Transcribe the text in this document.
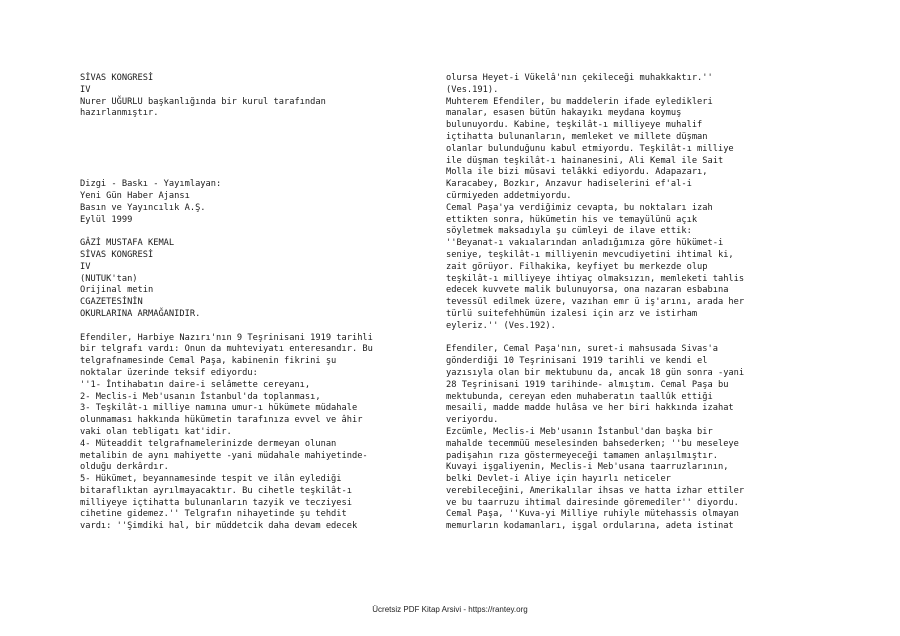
SİVAS KONGRESİ
IV
Nurer UĞURLU başkanlığında bir kurul tarafından
hazırlanmıştır.
Dizgi - Baskı - Yayımlayan:
Yeni Gün Haber Ajansı
Basın ve Yayıncılık A.Ş.
Eylül 1999
GÂZİ MUSTAFA KEMAL
SİVAS KONGRESİ
IV
(NUTUK'tan)
Orijinal metin
CGAZETESİNİN
OKURLARINA ARMAĞANIDIR.
Efendiler, Harbiye Nazırı'nın 9 Teşrinisani 1919 tarihli
bir telgrafı vardı: Onun da muhteviyatı enteresandır. Bu
telgrafnamesinde Cemal Paşa, kabinenin fikrini şu
noktalar üzerinde teksif ediyordu:
''1- İntihabatın daire-i selâmette cereyanı,
2- Meclis-i Meb'usanın İstanbul'da toplanması,
3- Teşkilât-ı milliye namına umur-ı hükümete müdahale
olunmaması hakkında hükümetin tarafınıza evvel ve âhir
vaki olan tebligatı kat'idir.
4- Müteaddit telgrafnamelerinizde dermeyan olunan
metalibin de aynı mahiyette -yani müdahale mahiyetinde-
olduğu derkârdır.
5- Hükümet, beyannamesinde tespit ve ilân eylediği
bitaraflıktan ayrılmayacaktır. Bu cihetle teşkilât-ı
milliyeye içtihatta bulunanların tazyik ve tecziyesi
cihetine gidemez.'' Telgrafın nihayetinde şu tehdit
vardı: ''Şimdiki hal, bir müddetcik daha devam edecek
olursa Heyet-i Vükelâ'nın çekileceği muhakkaktır.''
(Ves.191).
Muhterem Efendiler, bu maddelerin ifade eyledikleri
manalar, esasen bütün hakayıkı meydana koymuş
bulunuyordu. Kabine, teşkilât-ı milliyeye muhalif
içtihatta bulunanların, memleket ve millete düşman
olanlar bulunduğunu kabul etmiyordu. Teşkilât-ı milliye
ile düşman teşkilât-ı hainanesini, Ali Kemal ile Sait
Molla ile bizi müsavi telâkki ediyordu. Adapazarı,
Karacabey, Bozkır, Anzavur hadiselerini ef'al-i
cürmiyeden addetmiyordu.
Cemal Paşa'ya verdiğimiz cevapta, bu noktaları izah
ettikten sonra, hükümetin his ve temayülünü açık
söyletmek maksadıyla şu cümleyi de ilave ettik:
''Beyanat-ı vakıalarından anladığımıza göre hükümet-i
seniye, teşkilât-ı milliyenin mevcudiyetini ihtimal ki,
zait görüyor. Filhakika, keyfiyet bu merkezde olup
teşkilât-ı milliyeye ihtiyaç olmaksızın, memleketi tahlis
edecek kuvvete malik bulunuyorsa, ona nazaran esbabına
tevessül edilmek üzere, vazıhan emr ü iş'arını, arada her
türlü suitefehhümün izalesi için arz ve istirham
eyleriz.'' (Ves.192).
Efendiler, Cemal Paşa'nın, suret-i mahsusada Sivas'a
gönderdiği 10 Teşrinisani 1919 tarihli ve kendi el
yazısıyla olan bir mektubunu da, ancak 18 gün sonra -yani
28 Teşrinisani 1919 tarihinde- almıştım. Cemal Paşa bu
mektubunda, cereyan eden muhaberatın taallûk ettiği
mesaili, madde madde hulâsa ve her biri hakkında izahat
veriyordu.
Ezcümle, Meclis-i Meb'usanın İstanbul'dan başka bir
mahalde tecemmüü meselesinden bahsederken; ''bu meseleye
padişahın rıza göstermeyeceği tamamen anlaşılmıştır.
Kuvayi işgaliyenin, Meclis-i Meb'usana taarruzlarının,
belki Devlet-i Aliye için hayırlı neticeler
verebileceğini, Amerikalılar ihsas ve hatta izhar ettiler
ve bu taarruzu ihtimal dairesinde göremediler'' diyordu.
Cemal Paşa, ''Kuva-yi Milliye ruhiyle mütehassis olmayan
memurların kodamanları, işgal ordularına, adeta istinat
Ücretsiz PDF Kitap Arsivi - https://rantey.org
